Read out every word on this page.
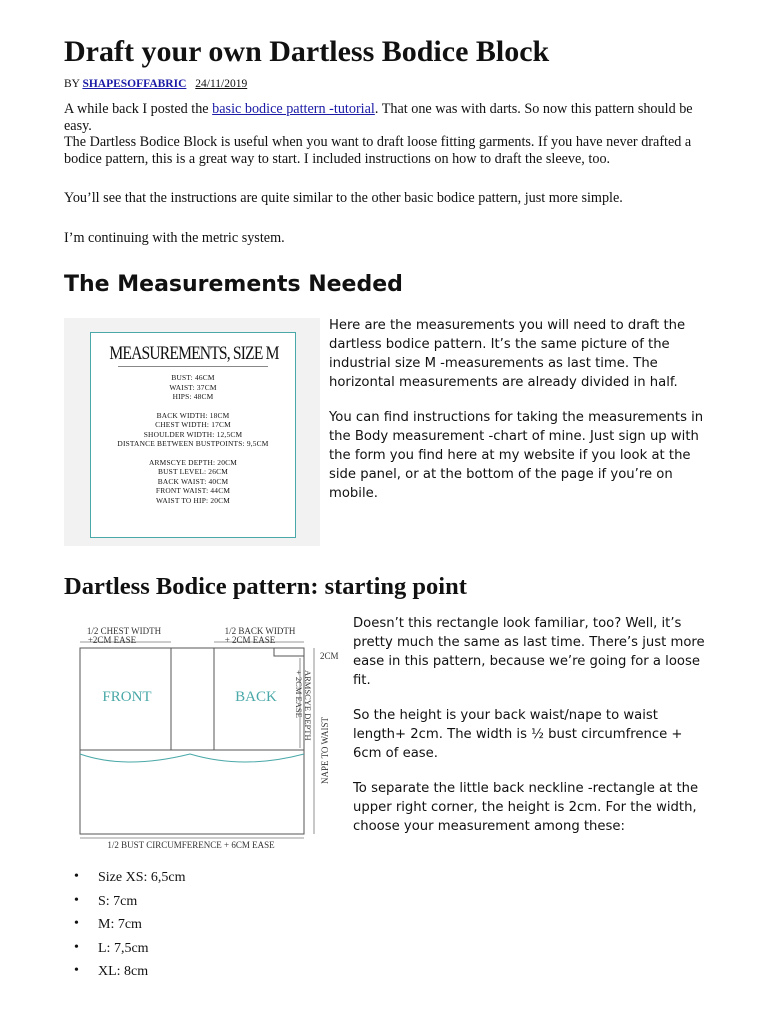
Draft your own Dartless Bodice Block
BY SHAPESOFFABRIC 24/11/2019

A while back I posted the basic bodice pattern -tutorial. That one was with darts. So now this pattern should be easy.

The Dartless Bodice Block is useful when you want to draft loose fitting garments. If you have never drafted a bodice pattern, this is a great way to start. I included instructions on how to draft the sleeve, too.

You’ll see that the instructions are quite similar to the other basic bodice pattern, just more simple.

I’m continuing with the metric system.

The Measurements Needed
MEASUREMENTS, SIZE M
BUST: 46CM
WAIST: 37CM
HIPS: 48CM
BACK WIDTH: 18CM
CHEST WIDTH: 17CM
SHOULDER WIDTH: 12,5CM
DISTANCE BETWEEN BUSTPOINTS: 9,5CM
ARMSCYE DEPTH: 20CM
BUST LEVEL: 26CM
BACK WAIST: 40CM
FRONT WAIST: 44CM
WAIST TO HIP: 20CM

Here are the measurements you will need to draft the dartless bodice pattern. It’s the same picture of the industrial size M -measurements as last time. The horizontal measurements are already divided in half.

You can find instructions for taking the measurements in the Body measurement -chart of mine. Just sign up with the form you find here at my website if you look at the side panel, or at the bottom of the page if you’re on mobile.

Dartless Bodice pattern: starting point
1/2 CHEST WIDTH
+2CM EASE
1/2 BACK WIDTH
+ 2CM EASE
FRONT	BACK
2CM
ARMSCYE DEPTH
+ 2CM EASE
NAPE TO WAIST
1/2 BUST CIRCUMFERENCE + 6CM EASE

Doesn’t this rectangle look familiar, too? Well, it’s pretty much the same as last time. There’s just more ease in this pattern, because we’re going for a loose fit.

So the height is your back waist/nape to waist length+ 2cm. The width is ½ bust circumfrence + 6cm of ease.

To separate the little back neckline -rectangle at the upper right corner, the height is 2cm. For the width, choose your measurement among these:

• Size XS: 6,5cm
• S: 7cm
• M: 7cm
• L: 7,5cm
• XL: 8cm
